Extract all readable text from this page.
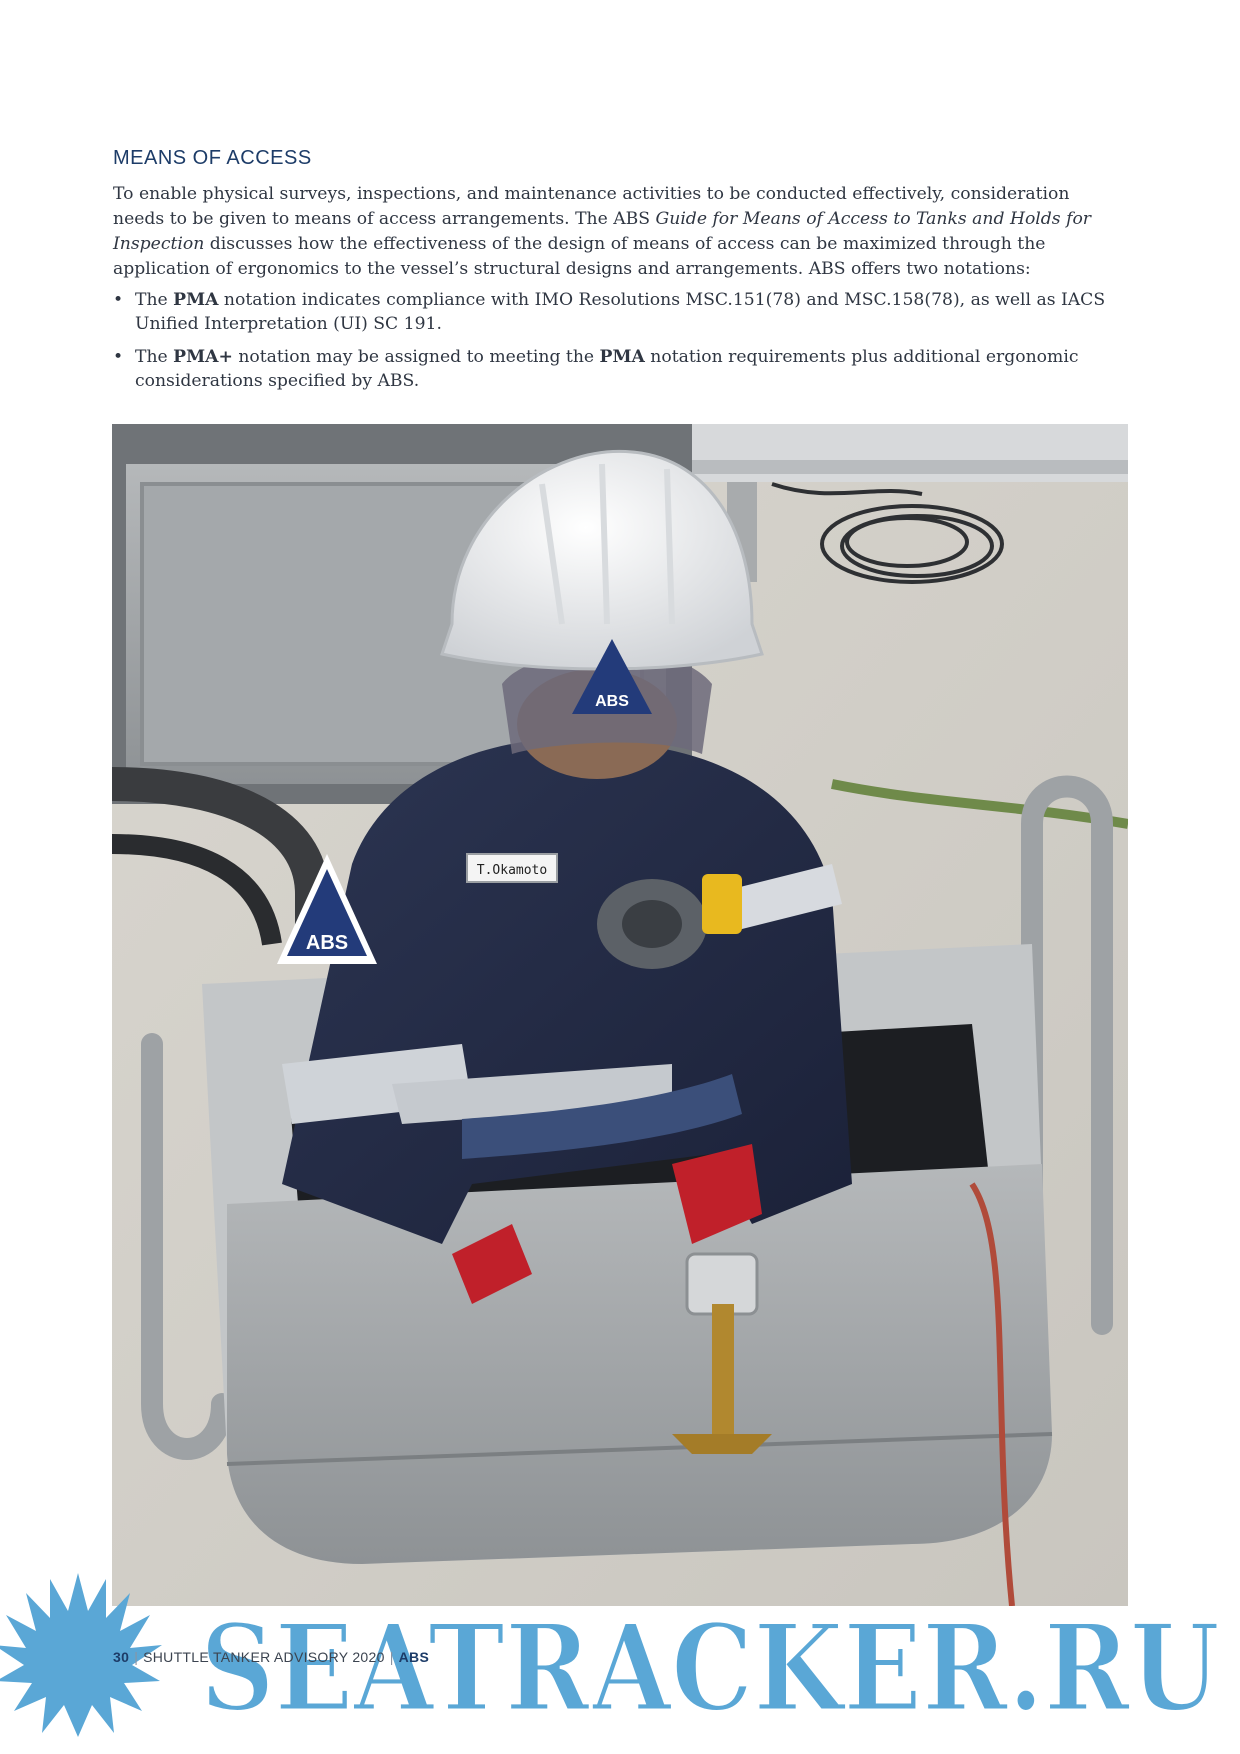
MEANS OF ACCESS

To enable physical surveys, inspections, and maintenance activities to be conducted effectively, consideration needs to be given to means of access arrangements. The ABS Guide for Means of Access to Tanks and Holds for Inspection discusses how the effectiveness of the design of means of access can be maximized through the application of ergonomics to the vessel’s structural designs and arrangements. ABS offers two notations:

• The PMA notation indicates compliance with IMO Resolutions MSC.151(78) and MSC.158(78), as well as IACS Unified Interpretation (UI) SC 191.
• The PMA+ notation may be assigned to meeting the PMA notation requirements plus additional ergonomic considerations specified by ABS.
T.Okamoto
ABS
ABS
SEATRACKER.RU
30 | SHUTTLE TANKER ADVISORY 2020 | ABS
